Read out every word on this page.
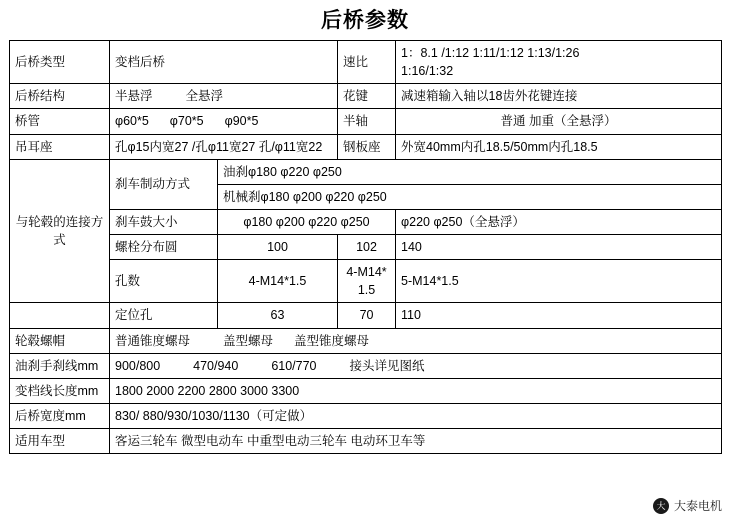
后桥参数
后桥类型	变档后桥		速比	1：8.1 /1:12 1:11/1:12 1:13/1:26
1:16/1:32

后桥结构	半悬浮 全悬浮		花键	减速箱输入轴以18齿外花键连接
桥管	φ60*5 φ70*5 φ90*5		半轴	普通 加重（全悬浮）
吊耳座	孔φ15内宽27 /孔φ11宽27 孔/φ11宽22		钢板座	外宽40mm内孔18.5/50mm内孔18.5
与轮毂的连接方式	刹车制动方式	油刹φ180 φ220 φ250		
		机械刹φ180 φ200 φ220 φ250		
	刹车鼓大小	φ180 φ200 φ220 φ250		φ220 φ250（全悬浮）
	螺栓分布圆	100	102	140
	孔数	4-M14*1.5	4-M14*1.5	5-M14*1.5
	定位孔	63	70	110
轮毂螺帽	普通锥度螺母 盖型螺母 盖型锥度螺母			
油刹手刹线mm	900/800 470/940 610/770 接头详见图纸			
变档线长度mm	1800 2000 2200 2800 3000 3300			
后桥宽度mm	830/ 880/930/1030/1130（可定做）			
适用车型	客运三轮车 微型电动车 中重型电动三轮车 电动环卫车等			
大 大泰电机
